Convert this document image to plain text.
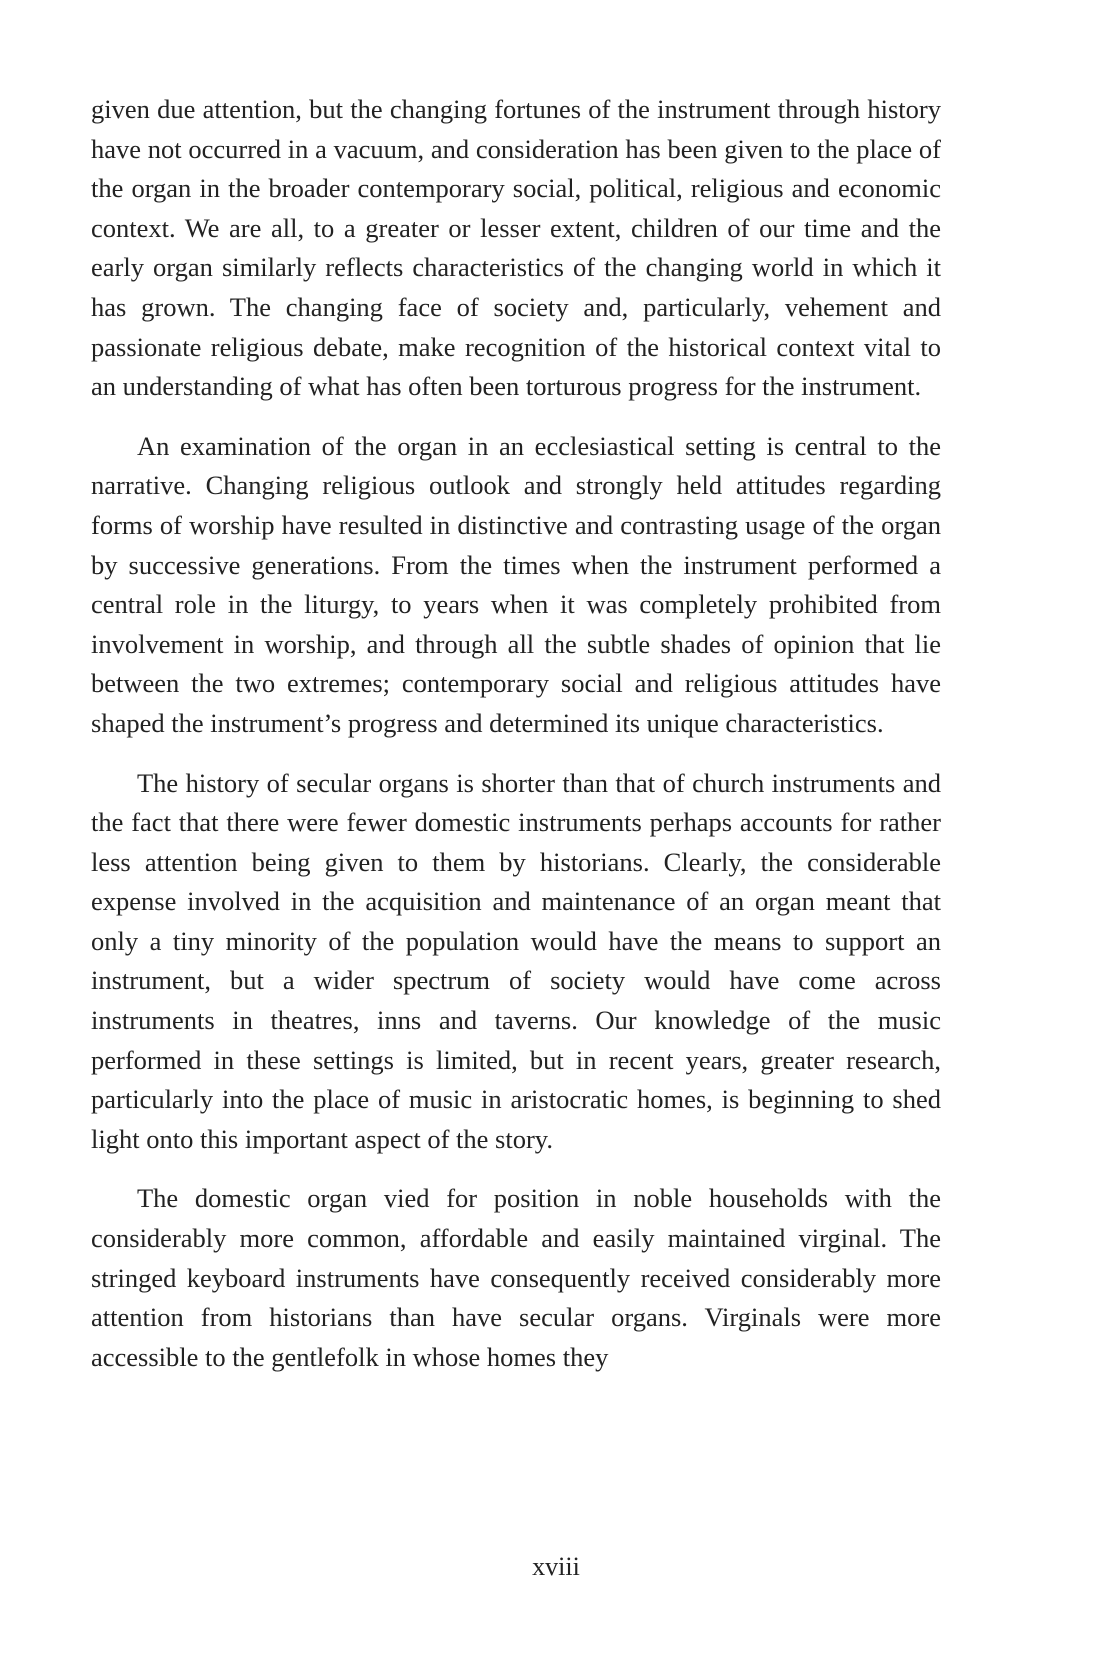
given due attention, but the changing fortunes of the instrument through history have not occurred in a vacuum, and consideration has been given to the place of the organ in the broader contemporary social, political, religious and economic context. We are all, to a greater or lesser extent, children of our time and the early organ similarly reflects characteristics of the changing world in which it has grown. The changing face of society and, particularly, vehement and passionate religious debate, make recognition of the historical context vital to an understanding of what has often been torturous progress for the instrument.

An examination of the organ in an ecclesiastical setting is central to the narrative. Changing religious outlook and strongly held attitudes regarding forms of worship have resulted in distinctive and contrasting usage of the organ by successive generations. From the times when the instrument performed a central role in the liturgy, to years when it was completely prohibited from involvement in worship, and through all the subtle shades of opinion that lie between the two extremes; contemporary social and religious attitudes have shaped the instrument’s progress and determined its unique characteristics.

The history of secular organs is shorter than that of church instruments and the fact that there were fewer domestic instruments perhaps accounts for rather less attention being given to them by historians. Clearly, the considerable expense involved in the acquisition and maintenance of an organ meant that only a tiny minority of the population would have the means to support an instrument, but a wider spectrum of society would have come across instruments in theatres, inns and taverns. Our knowledge of the music performed in these settings is limited, but in recent years, greater research, particularly into the place of music in aristocratic homes, is beginning to shed light onto this important aspect of the story.

The domestic organ vied for position in noble households with the considerably more common, affordable and easily maintained virginal. The stringed keyboard instruments have consequently received considerably more attention from historians than have secular organs. Virginals were more accessible to the gentlefolk in whose homes they

xviii
